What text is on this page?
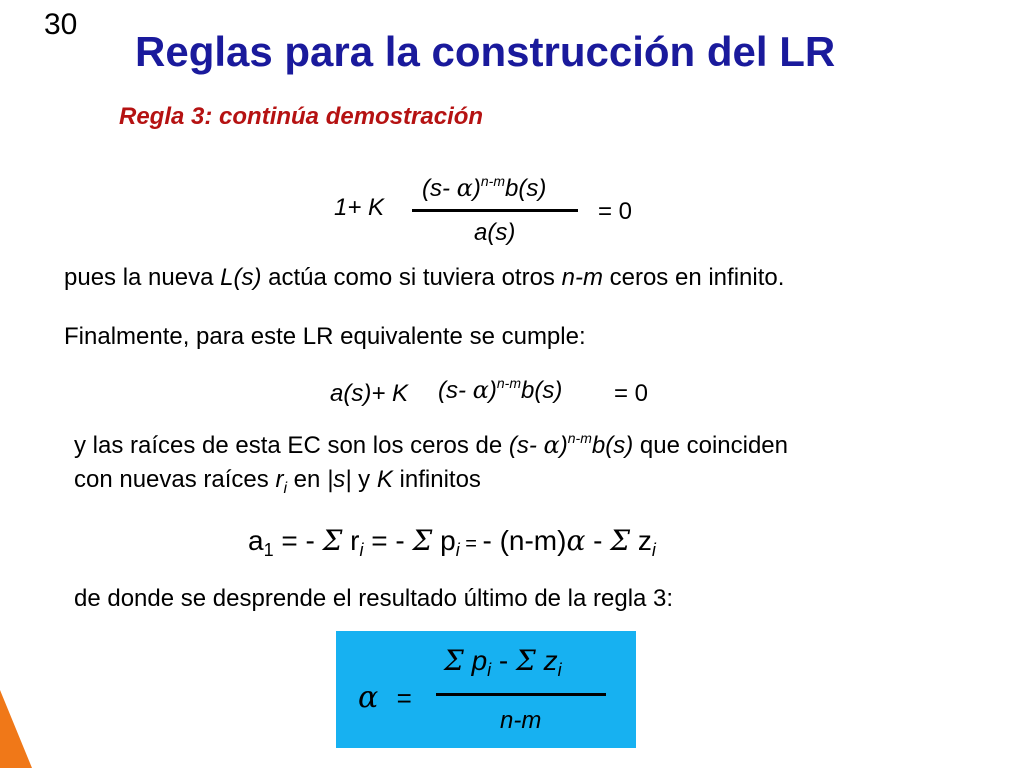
30
Reglas para la construcción del LR
Regla 3: continúa demostración
1+ K
(s- α)$^{n-m}$b(s)
a(s)
= 0
pues la nueva L(s) actúa como si tuviera otros n-m ceros en infinito.
Finalmente, para este LR equivalente se cumple:
a(s)+ K (s- α)$^{n-m}$b(s) = 0
y las raíces de esta EC son los ceros de (s- α)$^{n-m}$b(s) que coinciden
con nuevas raíces $r_i$ en |s| y K infinitos
$a_1$ = - Σ $r_i$ = - Σ $p_i$ = - (n-m)α - Σ $z_i$
de donde se desprende el resultado último de la regla 3:
α =
Σ $p_i$ - Σ $z_i$
n-m
